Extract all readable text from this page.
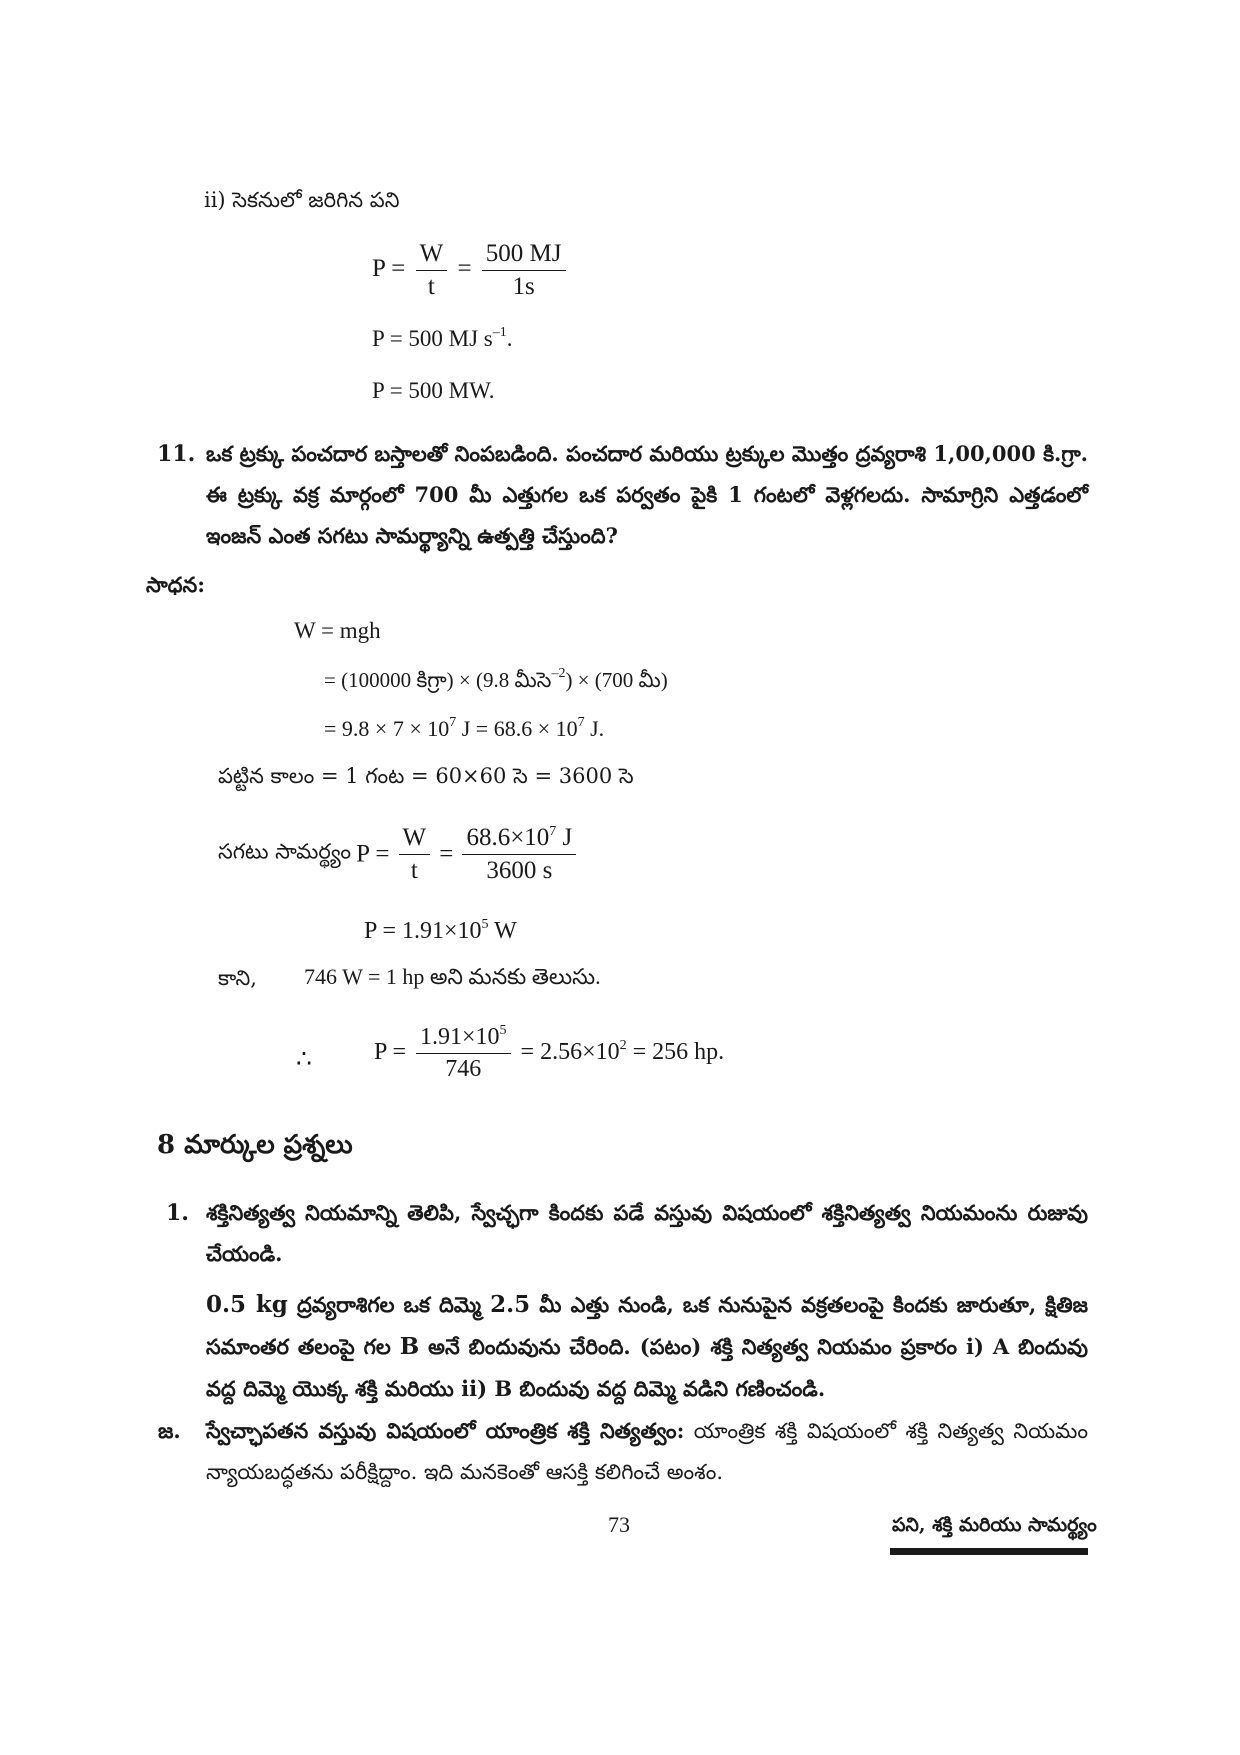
ii) సెకనులో జరిగిన పని
$P = \frac{W}{t} = \frac{500 MJ}{1s}$
P = 500 MJ $s^{-1}$.
P = 500 MW.
11. ఒక ట్రక్కు పంచదార బస్తాలతో నింపబడింది. పంచదార మరియు ట్రక్కుల మొత్తం ద్రవ్యరాశి 1,00,000 కి.గ్రా. ఈ ట్రక్కు వక్ర మార్గంలో 700 మీ ఎత్తుగల ఒక పర్వతం పైకి 1 గంటలో వెళ్లగలదు. సామాగ్రిని ఎత్తడంలో ఇంజన్ ఎంత సగటు సామర్థ్యాన్ని ఉత్పత్తి చేస్తుంది?
సాధన:
W = mgh
= (100000 కిగ్రా) × (9.8 మీసె$^{-2}$) × (700 మీ)
= $9.8 \times 7 \times 10^7$ $J = 68.6 \times 10^7$ J.
పట్టిన కాలం = 1 గంట = 60×60 సె = 3600 సె
సగటు సామర్థ్యం $P = \frac{W}{t} = \frac{68.6\times 10^7 J}{3600 s}$
$P = 1.91\times 10^5$ W
కాని, 746 W = 1 hp అని మనకు తెలుసు.
∴	$P = \frac{1.91\times 10^5}{746} = 2.56\times 10^2 = 256$ hp.
8 మార్కుల ప్రశ్నలు
1. శక్తినిత్యత్వ నియమాన్ని తెలిపి, స్వేచ్ఛగా కిందకు పడే వస్తువు విషయంలో శక్తినిత్యత్వ నియమంను రుజువు చేయండి.
0.5 kg ద్రవ్యరాశిగల ఒక దిమ్మె 2.5 మీ ఎత్తు నుండి, ఒక నునుపైన వక్రతలంపై కిందకు జారుతూ, క్షితిజ సమాంతర తలంపై గల B అనే బిందువును చేరింది. (పటం) శక్తి నిత్యత్వ నియమం ప్రకారం i) A బిందువు వద్ద దిమ్మె యొక్క శక్తి మరియు ii) B బిందువు వద్ద దిమ్మె వడిని గణించండి.
జ. స్వేచ్ఛాపతన వస్తువు విషయంలో యాంత్రిక శక్తి నిత్యత్వం: యాంత్రిక శక్తి విషయంలో శక్తి నిత్యత్వ నియమం న్యాయబద్ధతను పరీక్షిద్దాం. ఇది మనకెంతో ఆసక్తి కలిగించే అంశం.
73	పని, శక్తి మరియు సామర్థ్యం
